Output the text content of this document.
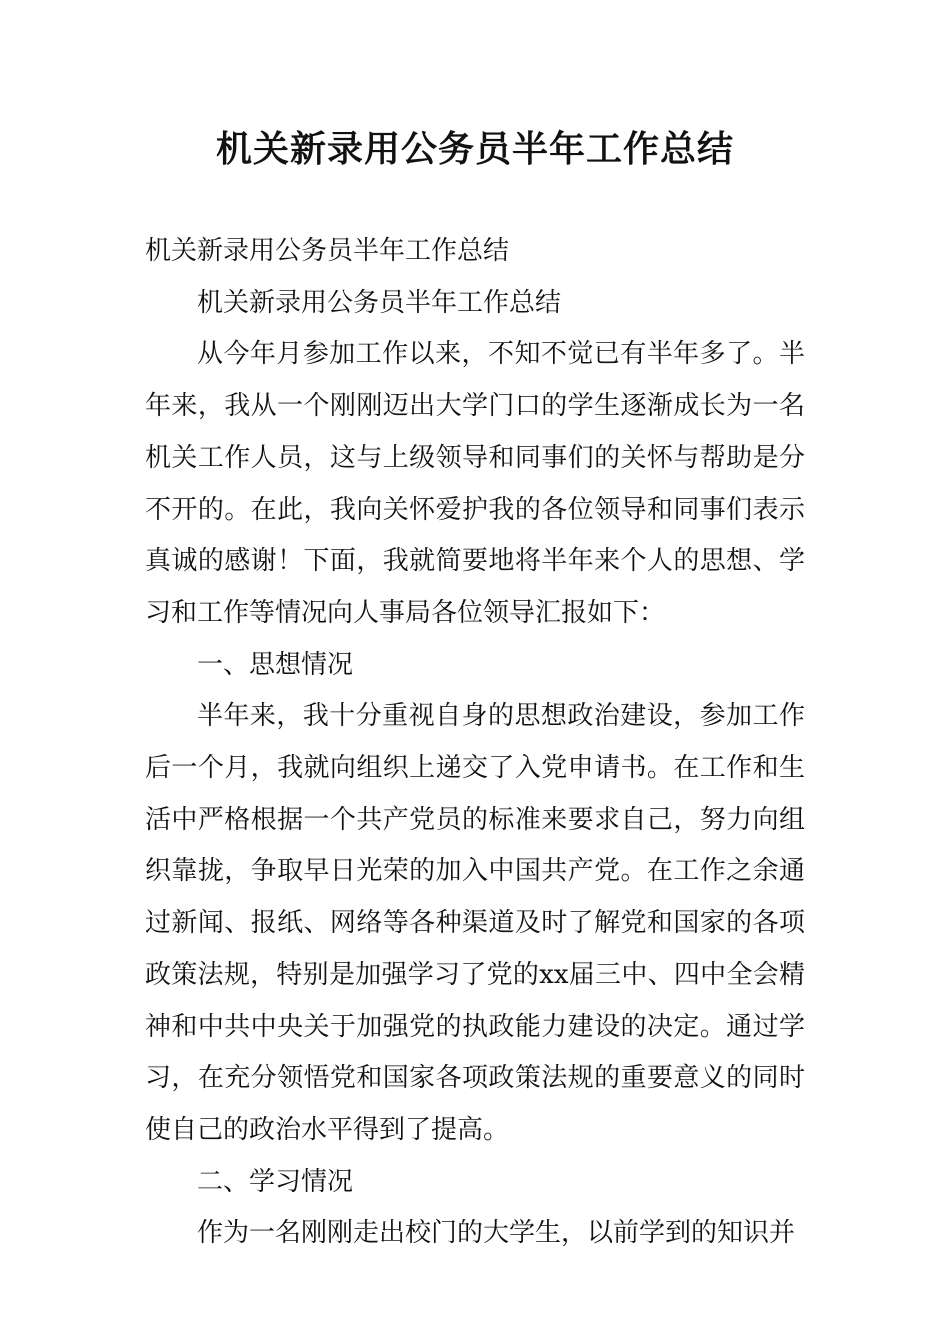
机关新录用公务员半年工作总结

机关新录用公务员半年工作总结

机关新录用公务员半年工作总结

从今年月参加工作以来，不知不觉已有半年多了。半年来，我从一个刚刚迈出大学门口的学生逐渐成长为一名机关工作人员，这与上级领导和同事们的关怀与帮助是分不开的。在此，我向关怀爱护我的各位领导和同事们表示真诚的感谢！下面，我就简要地将半年来个人的思想、学习和工作等情况向人事局各位领导汇报如下：

一、思想情况

半年来，我十分重视自身的思想政治建设，参加工作后一个月，我就向组织上递交了入党申请书。在工作和生活中严格根据一个共产党员的标准来要求自己，努力向组织靠拢，争取早日光荣的加入中国共产党。在工作之余通过新闻、报纸、网络等各种渠道及时了解党和国家的各项政策法规，特别是加强学习了党的xx届三中、四中全会精神和中共中央关于加强党的执政能力建设的决定。通过学习，在充分领悟党和国家各项政策法规的重要意义的同时使自己的政治水平得到了提高。

二、学习情况

作为一名刚刚走出校门的大学生，以前学到的知识并
